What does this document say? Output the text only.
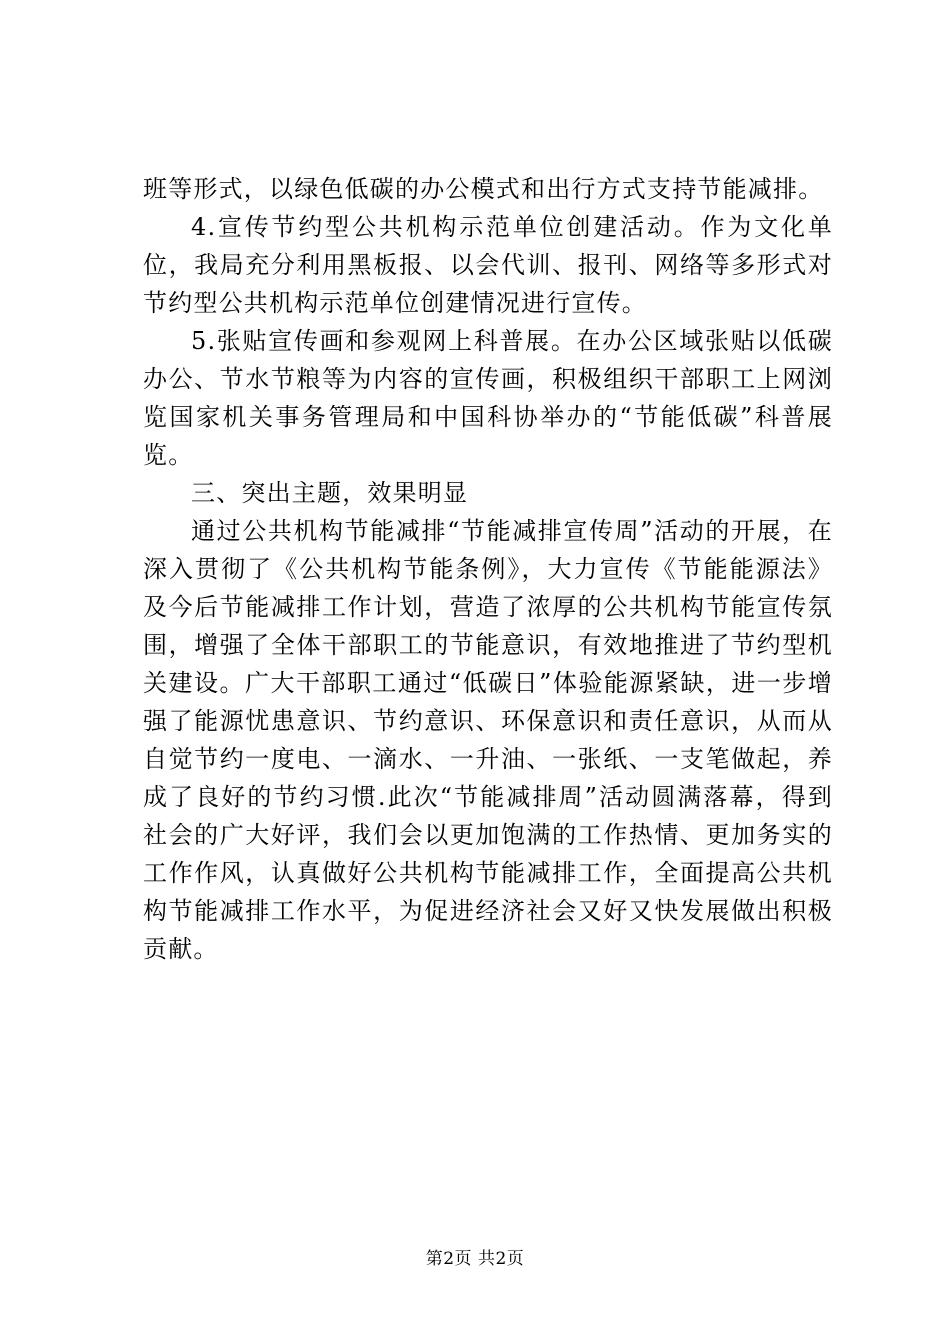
班等形式，以绿色低碳的办公模式和出行方式支持节能减排。

4.宣传节约型公共机构示范单位创建活动。作为文化单位，我局充分利用黑板报、以会代训、报刊、网络等多形式对节约型公共机构示范单位创建情况进行宣传。

5.张贴宣传画和参观网上科普展。在办公区域张贴以低碳办公、节水节粮等为内容的宣传画，积极组织干部职工上网浏览国家机关事务管理局和中国科协举办的“节能低碳”科普展览。

三、突出主题，效果明显

通过公共机构节能减排“节能减排宣传周”活动的开展，在深入贯彻了《公共机构节能条例》，大力宣传《节能能源法》及今后节能减排工作计划，营造了浓厚的公共机构节能宣传氛围，增强了全体干部职工的节能意识，有效地推进了节约型机关建设。广大干部职工通过“低碳日”体验能源紧缺，进一步增强了能源忧患意识、节约意识、环保意识和责任意识，从而从自觉节约一度电、一滴水、一升油、一张纸、一支笔做起，养成了良好的节约习惯.此次“节能减排周”活动圆满落幕，得到社会的广大好评，我们会以更加饱满的工作热情、更加务实的工作作风，认真做好公共机构节能减排工作，全面提高公共机构节能减排工作水平，为促进经济社会又好又快发展做出积极贡献。

第2页 共2页
